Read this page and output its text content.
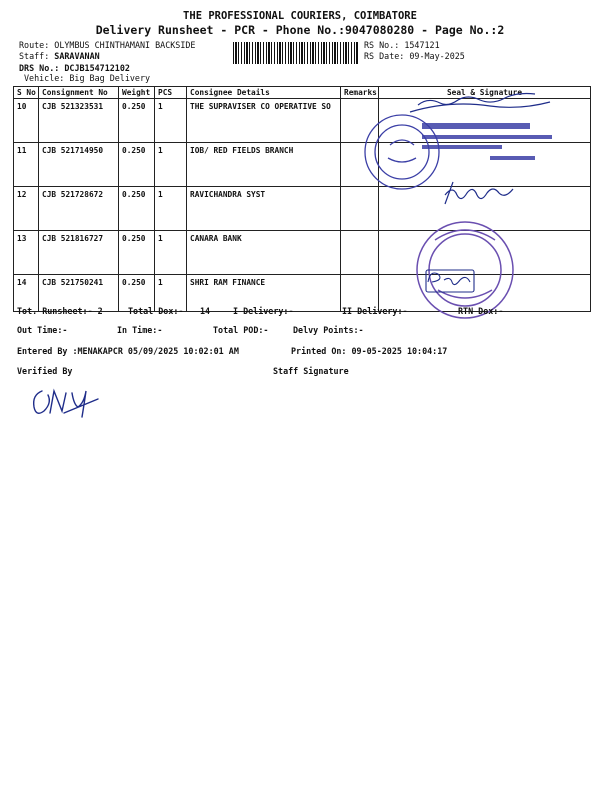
THE PROFESSIONAL COURIERS, COIMBATORE
Delivery Runsheet - PCR - Phone No.:9047080280 - Page No.:2
Route: OLYMBUS CHINTHAMANI BACKSIDE
Staff: SARAVANAN
DRS No.: DCJB154712102
Vehicle: Big Bag Delivery
RS No.: 1547121
RS Date: 09-May-2025
S No	Consignment No	Weight	PCS	Consignee Details	Remarks	Seal & Signature
10	CJB 521323531	0.250	1	THE SUPRAVISER CO OPERATIVE SO		
11	CJB 521714950	0.250	1	IOB/ RED FIELDS BRANCH		
12	CJB 521728672	0.250	1	RAVICHANDRA SYST		
13	CJB 521816727	0.250	1	CANARA BANK		
14	CJB 521750241	0.250	1	SHRI RAM FINANCE		
Tot. Runsheet:- 2	Total Dox:- 14	I Delivery:-	II Delivery:-	RTN Dox:-
Out Time:-	In Time:-	Total POD:-	Delvy Points:-
Entered By :MENAKAPCR 05/09/2025 10:02:01 AM	Printed On: 09-05-2025 10:04:17
Verified By	Staff Signature
